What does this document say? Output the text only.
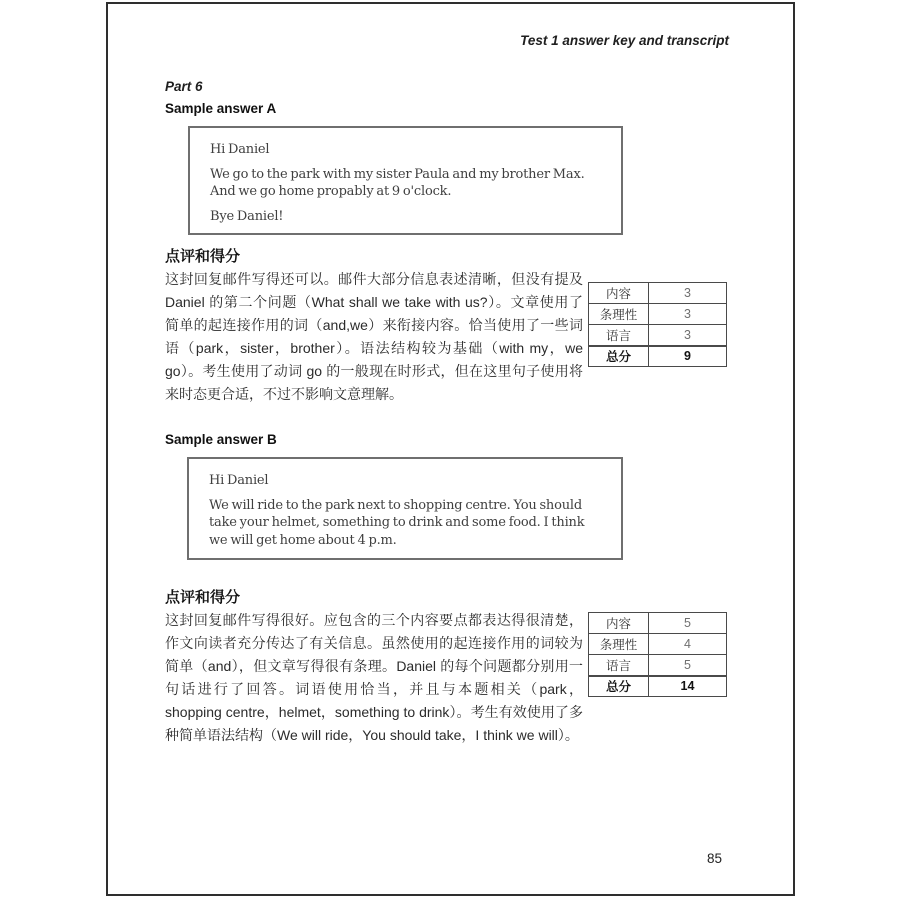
Test 1 answer key and transcript
Part 6
Sample answer A

Hi Daniel

We go to the park with my sister Paula and my brother Max. And we go home propably at 9 o'clock.

Bye Daniel!

点评和得分
这封回复邮件写得还可以。邮件大部分信息表述清晰，但没有提及 Daniel 的第二个问题（What shall we take with us?）。文章使用了简单的起连接作用的词（and,we）来衔接内容。恰当使用了一些词语（park，sister，brother）。语法结构较为基础（with my，we go）。考生使用了动词 go 的一般现在时形式，但在这里句子使用将来时态更合适，不过不影响文意理解。
内容	3
条理性	3
语言	3
总分	9
Sample answer B

Hi Daniel

We will ride to the park next to shopping centre. You should take your helmet, something to drink and some food. I think we will get home about 4 p.m.

点评和得分
这封回复邮件写得很好。应包含的三个内容要点都表达得很清楚，作文向读者充分传达了有关信息。虽然使用的起连接作用的词较为简单（and），但文章写得很有条理。Daniel 的每个问题都分别用一句话进行了回答。词语使用恰当，并且与本题相关（park，shopping centre，helmet，something to drink）。考生有效使用了多种简单语法结构（We will ride，You should take，I think we will）。
内容	5
条理性	4
语言	5
总分	14
85
